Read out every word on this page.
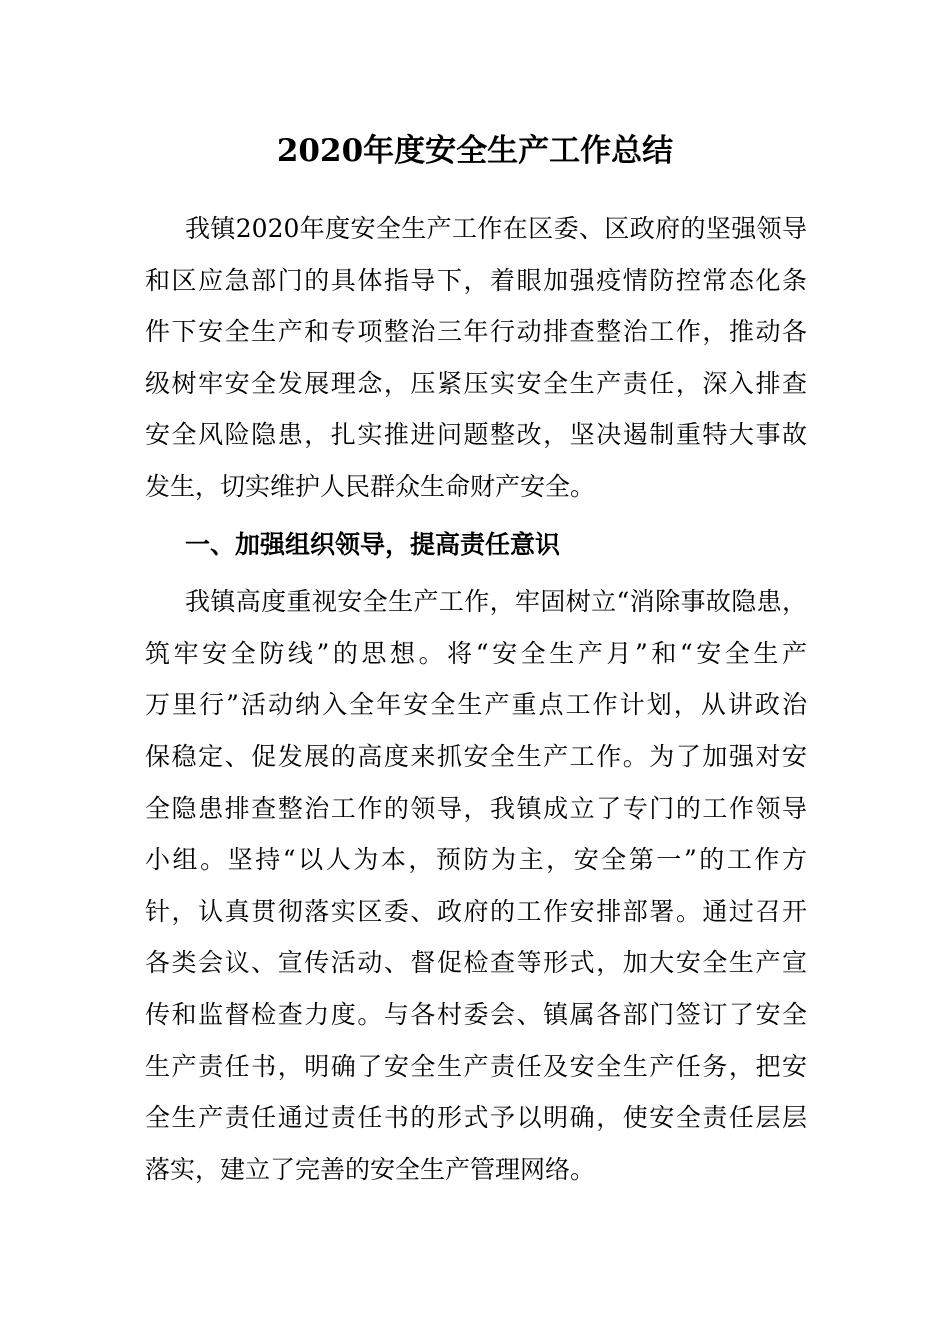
2020年度安全生产工作总结
我镇2020年度安全生产工作在区委、区政府的坚强领导
和区应急部门的具体指导下，着眼加强疫情防控常态化条
件下安全生产和专项整治三年行动排查整治工作，推动各
级树牢安全发展理念，压紧压实安全生产责任，深入排查
安全风险隐患，扎实推进问题整改，坚决遏制重特大事故
发生，切实维护人民群众生命财产安全。
一、加强组织领导，提高责任意识
我镇高度重视安全生产工作，牢固树立“消除事故隐患，
筑牢安全防线”的思想。将“安全生产月”和“安全生产
万里行”活动纳入全年安全生产重点工作计划，从讲政治
保稳定、促发展的高度来抓安全生产工作。为了加强对安
全隐患排查整治工作的领导，我镇成立了专门的工作领导
小组。坚持“以人为本，预防为主，安全第一”的工作方
针，认真贯彻落实区委、政府的工作安排部署。通过召开
各类会议、宣传活动、督促检查等形式，加大安全生产宣
传和监督检查力度。与各村委会、镇属各部门签订了安全
生产责任书，明确了安全生产责任及安全生产任务，把安
全生产责任通过责任书的形式予以明确，使安全责任层层
落实，建立了完善的安全生产管理网络。
